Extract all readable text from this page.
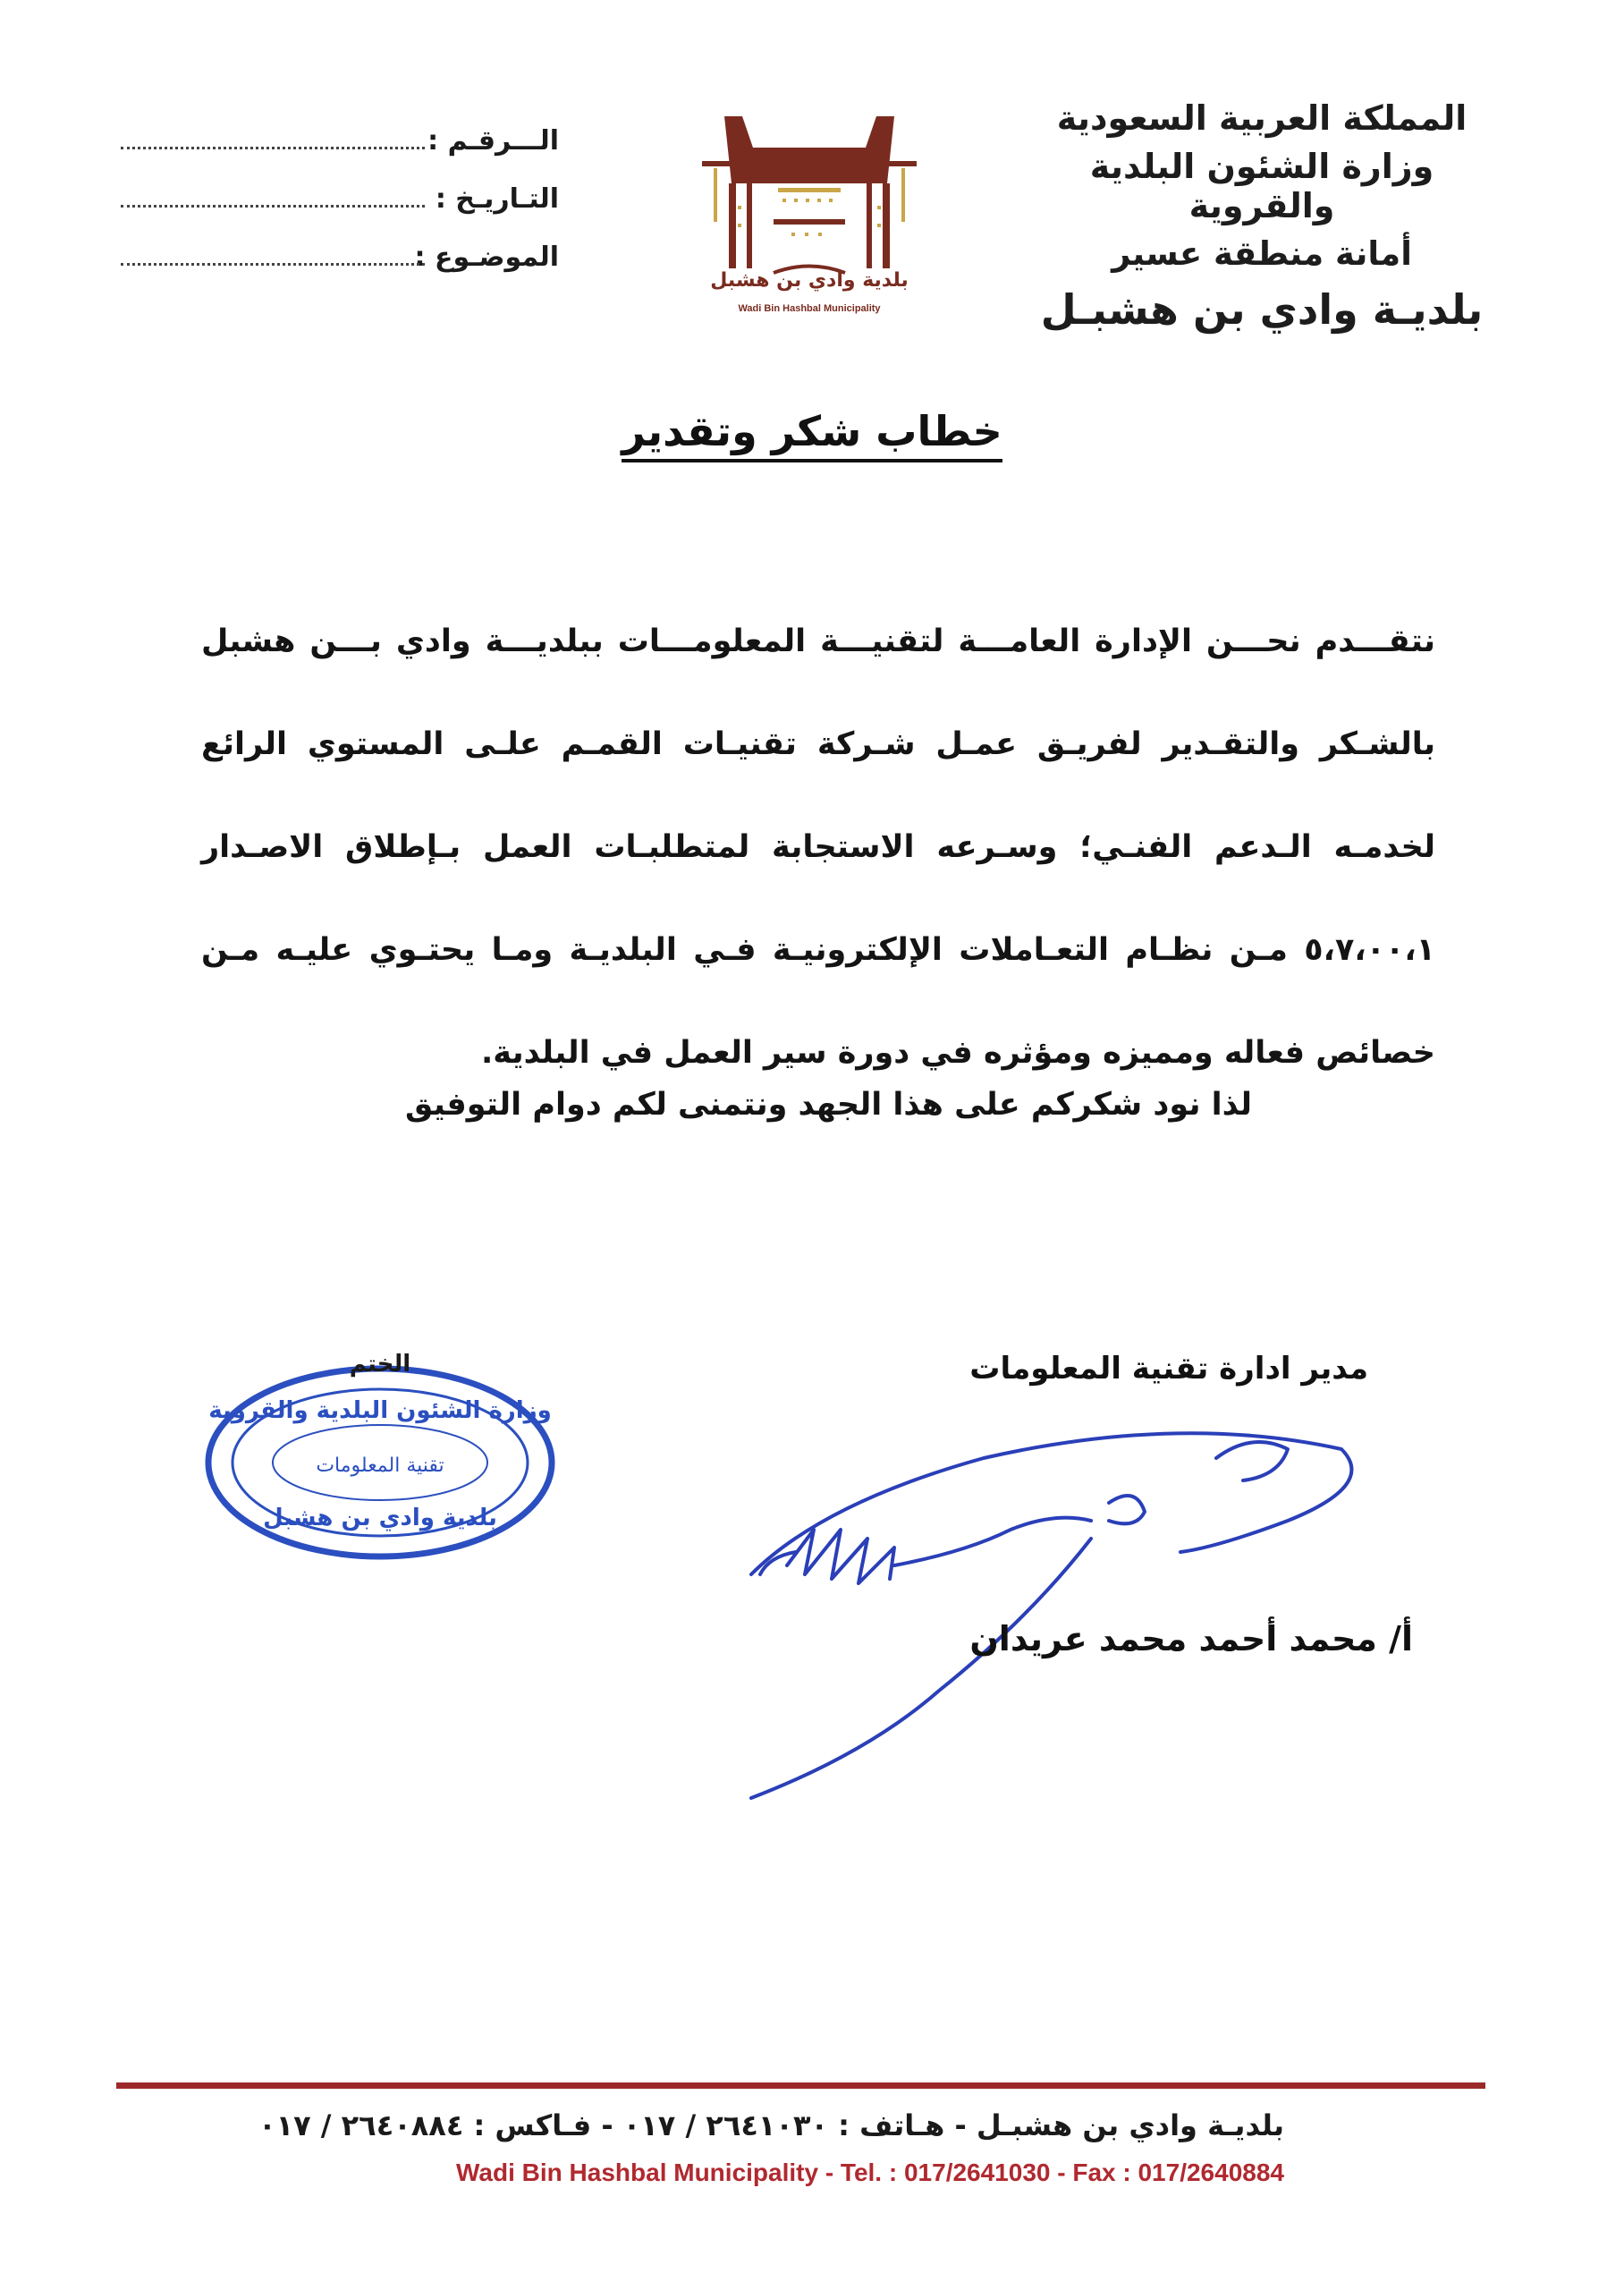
المملكة العربية السعودية
وزارة الشئون البلدية والقروية
أمانة منطقة عسير
بلديـة وادي بن هشبـل
بلدية وادي بن هشبل
Wadi Bin Hashbal Municipality
الـــرقـم :
التـاريـخ :
الموضـوع :
خطاب شكر وتقدير

نتقـــدم نحـــن الإدارة العامـــة لتقنيـــة المعلومـــات ببلديـــة وادي بـــن هشبل بالشـكر والتقـدير لفريـق عمـل شـركة تقنيـات القمـم علـى المستوي الرائع لخدمـه الـدعم الفنـي؛ وسـرعه الاستجابة لمتطلبـات العمل بـإطلاق الاصـدار ٥،٧،٠٠،١ مـن نظـام التعـاملات الإلكترونيـة فـي البلديـة ومـا يحتـوي عليـه مـن خصائص فعاله ومميزه ومؤثره في دورة سير العمل في البلدية.

لذا نود شكركم على هذا الجهد ونتمنى لكم دوام التوفيق
الختم
وزارة الشئون البلدية والقروية
تقنية المعلومات
بلدية وادي بن هشبل
مدير ادارة تقنية المعلومات
أ/ محمد أحمد محمد عريدان
بلديـة وادي بن هشبـل - هـاتف : ٢٦٤١٠٣٠ / ٠١٧ - فـاكس : ٢٦٤٠٨٨٤ / ٠١٧
Wadi Bin Hashbal Municipality - Tel. : 017/2641030 - Fax : 017/2640884
